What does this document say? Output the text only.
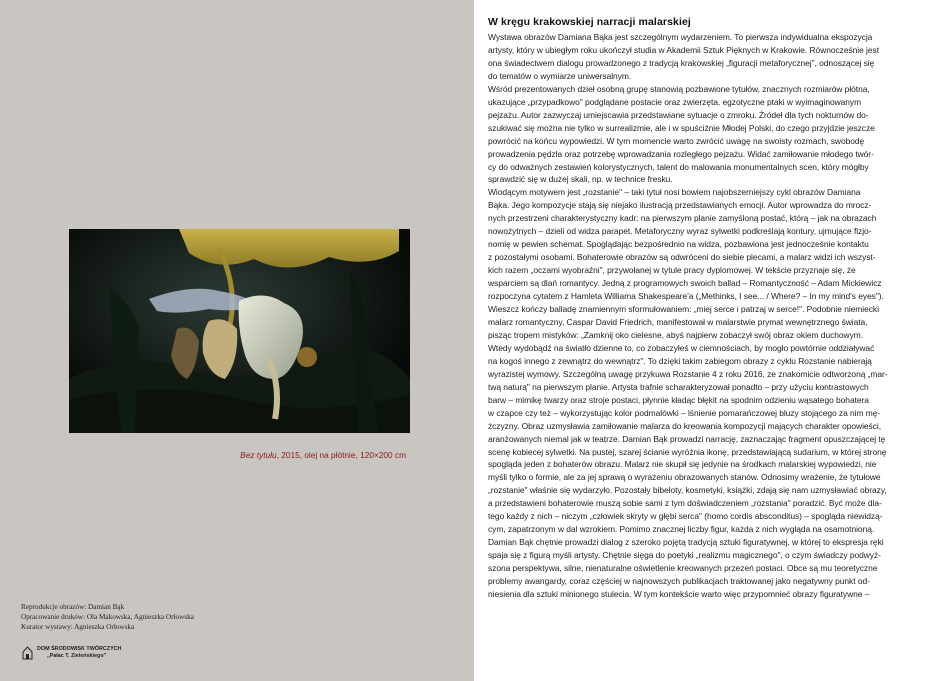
Bez tytułu, 2015, olej na płótnie, 120×200 cm
Reprodukcje obrazów: Damian Bąk
Opracowanie druków: Ola Makowska, Agnieszka Orłowska
Kurator wystawy: Agnieszka Orłowska
DOM ŚRODOWISK TWÓRCZYCH
„Pałac T. Zieleńskiego"
W kręgu krakowskiej narracji malarskiej

Wystawa obrazów Damiana Bąka jest szczególnym wydarzeniem. To pierwsza indywidualna ekspozycja
artysty, który w ubiegłym roku ukończył studia w Akademii Sztuk Pięknych w Krakowie. Równocześnie jest
ona świadectwem dialogu prowadzonego z tradycją krakowskiej „figuracji metaforycznej", odnoszącej się
do tematów o wymiarze uniwersalnym.
Wśród prezentowanych dzieł osobną grupę stanowią pozbawione tytułów, znacznych rozmiarów płótna,
ukazujące „przypadkowo" podglądane postacie oraz zwierzęta, egzotyczne ptaki w wyimaginowanym
pejzażu. Autor zazwyczaj umiejscawia przedstawiane sytuacje o zmroku. Źródeł dla tych nokturnów do-
szukiwać się można nie tylko w surrealizmie, ale i w spuściźnie Młodej Polski, do czego przyjdzie jeszcze
powrócić na końcu wypowiedzi. W tym momencie warto zwrócić uwagę na swoisty rozmach, swobodę
prowadzenia pędzla oraz potrzebę wprowadzania rozległego pejzażu. Widać zamiłowanie młodego twór-
cy do odważnych zestawień kolorystycznych, talent do malowania monumentalnych scen, który mógłby
sprawdzić się w dużej skali, np. w technice fresku.
Wiodącym motywem jest „rozstanie" – taki tytuł nosi bowiem najobszerniejszy cykl obrazów Damiana
Bąka. Jego kompozycje stają się niejako ilustracją przedstawianych emocji. Autor wprowadza do mrocz-
nych przestrzeni charakterystyczny kadr: na pierwszym planie zamyśloną postać, którą – jak na obrazach
nowożytnych – dzieli od widza parapet. Metaforyczny wyraz sylwetki podkreślają kontury, ujmujące fizjo-
nomię w pewien schemat. Spoglądając bezpośrednio na widza, pozbawiona jest jednocześnie kontaktu
z pozostałymi osobami. Bohaterowie obrazów są odwróceni do siebie plecami, a malarz widzi ich wszyst-
kich razem „oczami wyobraźni", przywołanej w tytule pracy dyplomowej. W tekście przyznaje się, że
wsparciem są dlań romantycy. Jedną z programowych swoich ballad – Romantyczność – Adam Mickiewicz
rozpoczyna cytatem z Hamleta Williama Shakespeare'a („Methinks, I see... / Where? – In my mind's eyes").
Wieszcz kończy balladę znamiennym sformułowaniem: „miej serce i patrzaj w serce!". Podobnie niemiecki
malarz romantyczny, Caspar David Friedrich, manifestował w malarstwie prymat wewnętrznego świata,
pisząc tropem mistyków: „Zamknij oko cielesne, abyś najpierw zobaczył swój obraz okiem duchowym.
Wtedy wydobądź na światło dzienne to, co zobaczyłeś w ciemnościach, by mogło powtórnie oddziaływać
na kogoś innego z zewnątrz do wewnątrz". To dzięki takim zabiegom obrazy z cyklu Rozstanie nabierają
wyrazistej wymowy. Szczególną uwagę przykuwa Rozstanie 4 z roku 2016, ze znakomicie odtworzoną „mar-
twą naturą" na pierwszym planie. Artysta trafnie scharakteryzował ponadto – przy użyciu kontrastowych
barw – mimikę twarzy oraz stroje postaci, płynnie kładąc błękit na spodnim odzieniu wąsatego bohatera
w czapce czy też – wykorzystując kolor podmalówki – lśnienie pomarańczowej bluzy stojącego za nim mę-
żczyzny. Obraz uzmysławia zamiłowanie malarza do kreowania kompozycji mających charakter opowieści,
aranżowanych niemal jak w teatrze. Damian Bąk prowadzi narrację, zaznaczając fragment opuszczającej tę
scenę kobiecej sylwetki. Na pustej, szarej ścianie wyróżnia ikonę, przedstawiającą sudarium, w której stronę
spogląda jeden z bohaterów obrazu. Malarz nie skupił się jedynie na środkach malarskiej wypowiedzi, nie
myśli tylko o formie, ale za jej sprawą o wyrażeniu obrazowanych stanów. Odnosimy wrażenie, że tytułowe
„rozstanie" właśnie się wydarzyło. Pozostały bibeloty, kosmetyki, książki, zdają się nam uzmysławiać obrazy,
a przedstawieni bohaterowie muszą sobie sami z tym doświadczeniem „rozstania" poradzić. Być może dla-
tego każdy z nich – niczym „człowiek skryty w głębi serca" (homo cordis absconditus) – spogląda niewidzą-
cym, zapatrzonym w dal wzrokiem. Pomimo znacznej liczby figur, każda z nich wygląda na osamotnioną.
Damian Bąk chętnie prowadzi dialog z szeroko pojętą tradycją sztuki figuratywnej, w której to ekspresja ręki
spaja się z figurą myśli artysty. Chętnie sięga do poetyki „realizmu magicznego", o czym świadczy podwyż-
szona perspektywa, silne, nienaturalne oświetlenie kreowanych przezeń postaci. Obce są mu teoretyczne
problemy awangardy, coraz częściej w najnowszych publikacjach traktowanej jako negatywny punkt od-
niesienia dla sztuki minionego stulecia. W tym kontekście warto więc przypomnieć obrazy figuratywne –
